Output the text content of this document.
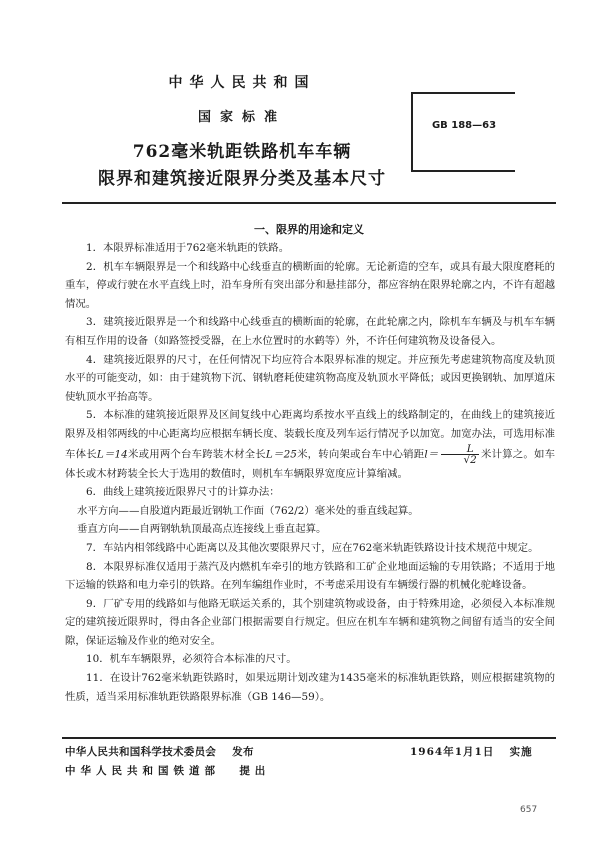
中华人民共和国
国家标准
762毫米轨距铁路机车车辆
限界和建筑接近限界分类及基本尺寸
GB 188—63
一、限界的用途和定义

1．本限界标准适用于762毫米轨距的铁路。

2．机车车辆限界是一个和线路中心线垂直的横断面的轮廓。无论新造的空车，或具有最大限度磨耗的重车，停或行驶在水平直线上时，沿车身所有突出部分和悬挂部分，都应容纳在限界轮廓之内，不许有超越情况。

3．建筑接近限界是一个和线路中心线垂直的横断面的轮廓，在此轮廓之内，除机车车辆及与机车车辆有相互作用的设备（如路签授受器，在上水位置时的水鹤等）外，不许任何建筑物及设备侵入。

4．建筑接近限界的尺寸，在任何情况下均应符合本限界标准的规定。并应预先考虑建筑物高度及轨顶水平的可能变动，如：由于建筑物下沉、钢轨磨耗使建筑物高度及轨顶水平降低；或因更换钢轨、加厚道床使轨顶水平抬高等。

5．本标准的建筑接近限界及区间复线中心距离均系按水平直线上的线路制定的，在曲线上的建筑接近限界及相邻两线的中心距离均应根据车辆长度、装载长度及列车运行情况予以加宽。加宽办法，可选用标准车体长L＝14米或用两个台车跨装木材全长L＝25米，转向架或台车中心销距$l= \frac{L}{√2}$ 米计算之。如车体长或木材跨装全长大于选用的数值时，则机车车辆限界宽度应计算缩减。

6．曲线上建筑接近限界尺寸的计算办法：

水平方向——自股道内距最近钢轨工作面（762/2）毫米处的垂直线起算。

垂直方向——自两钢轨轨顶最高点连接线上垂直起算。

7．车站内相邻线路中心距离以及其他次要限界尺寸，应在762毫米轨距铁路设计技术规范中规定。

8．本限界标准仅适用于蒸汽及内燃机车牵引的地方铁路和工矿企业地面运输的专用铁路；不适用于地下运输的铁路和电力牵引的铁路。在列车编组作业时，不考虑采用设有车辆缓行器的机械化驼峰设备。

9．厂矿专用的线路如与他路无联运关系的，其个别建筑物或设备，由于特殊用途，必须侵入本标准规定的建筑接近限界时，得由各企业部门根据需要自行规定。但应在机车车辆和建筑物之间留有适当的安全间隙，保证运输及作业的绝对安全。

10．机车车辆限界，必须符合本标准的尺寸。

11．在设计762毫米轨距铁路时，如果远期计划改建为1435毫米的标准轨距铁路，则应根据建筑物的性质，适当采用标准轨距铁路限界标准（GB 146—59）。

中华人民共和国科学技术委员会 发布
中华人民共和国铁道部 提出
1964年1月1日 实施
657
